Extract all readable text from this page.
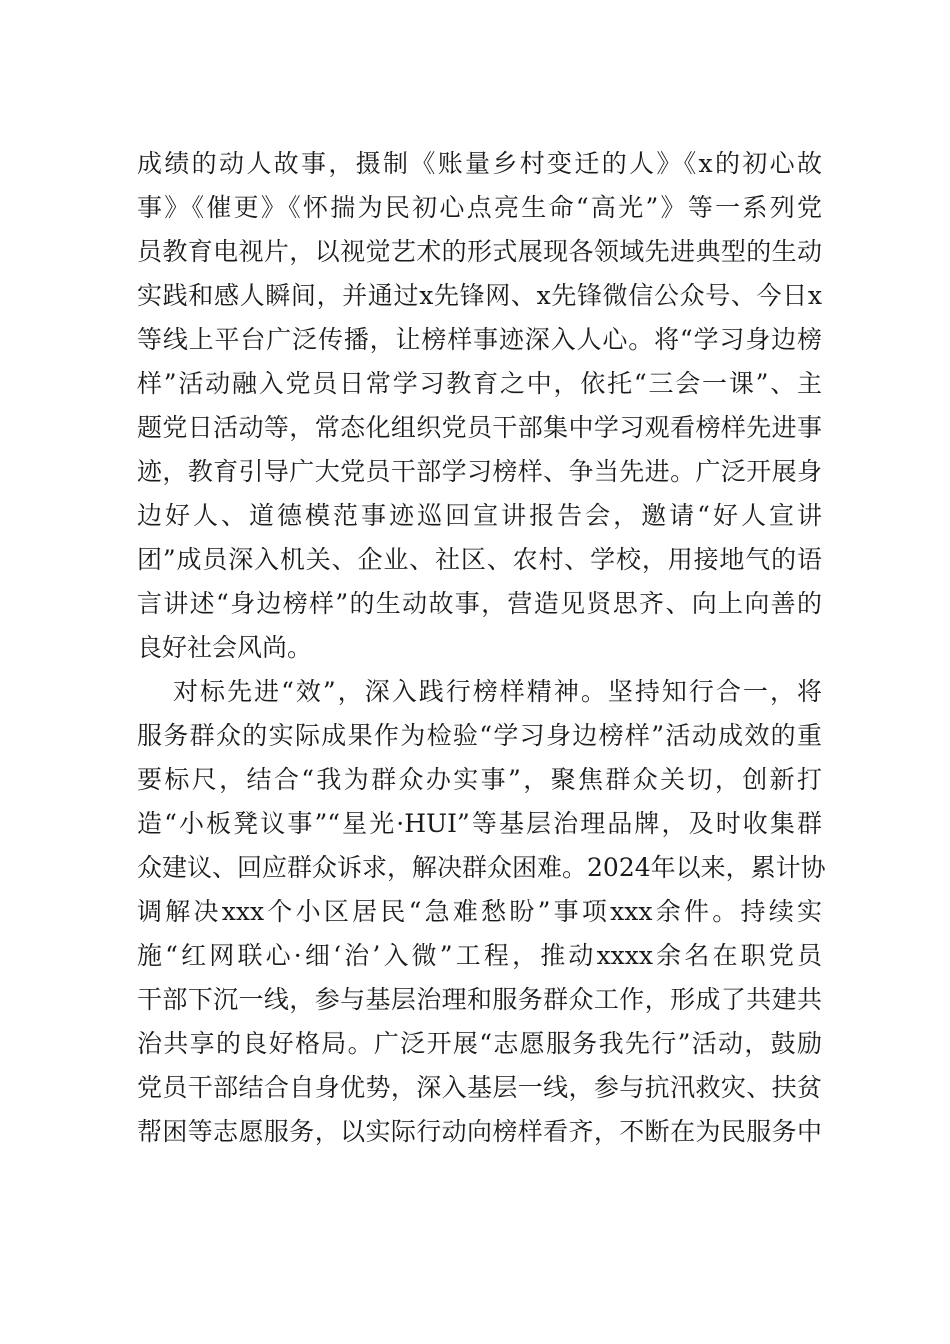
成绩的动人故事，摄制《账量乡村变迁的人》《x的初心故
事》《催更》《怀揣为民初心点亮生命“高光”》等一系列党
员教育电视片，以视觉艺术的形式展现各领域先进典型的生动
实践和感人瞬间，并通过x先锋网、x先锋微信公众号、今日x
等线上平台广泛传播，让榜样事迹深入人心。将“学习身边榜
样”活动融入党员日常学习教育之中，依托“三会一课”、主
题党日活动等，常态化组织党员干部集中学习观看榜样先进事
迹，教育引导广大党员干部学习榜样、争当先进。广泛开展身
边好人、道德模范事迹巡回宣讲报告会，邀请“好人宣讲
团”成员深入机关、企业、社区、农村、学校，用接地气的语
言讲述“身边榜样”的生动故事，营造见贤思齐、向上向善的
良好社会风尚。
对标先进“效”，深入践行榜样精神。坚持知行合一，将
服务群众的实际成果作为检验“学习身边榜样”活动成效的重
要标尺，结合“我为群众办实事”，聚焦群众关切，创新打
造“小板凳议事”“星光·HUI”等基层治理品牌，及时收集群
众建议、回应群众诉求，解决群众困难。2024年以来，累计协
调解决xxx个小区居民“急难愁盼”事项xxx余件。持续实
施“红网联心·细‘治’入微”工程，推动xxxx余名在职党员
干部下沉一线，参与基层治理和服务群众工作，形成了共建共
治共享的良好格局。广泛开展“志愿服务我先行”活动，鼓励
党员干部结合自身优势，深入基层一线，参与抗汛救灾、扶贫
帮困等志愿服务，以实际行动向榜样看齐，不断在为民服务中
